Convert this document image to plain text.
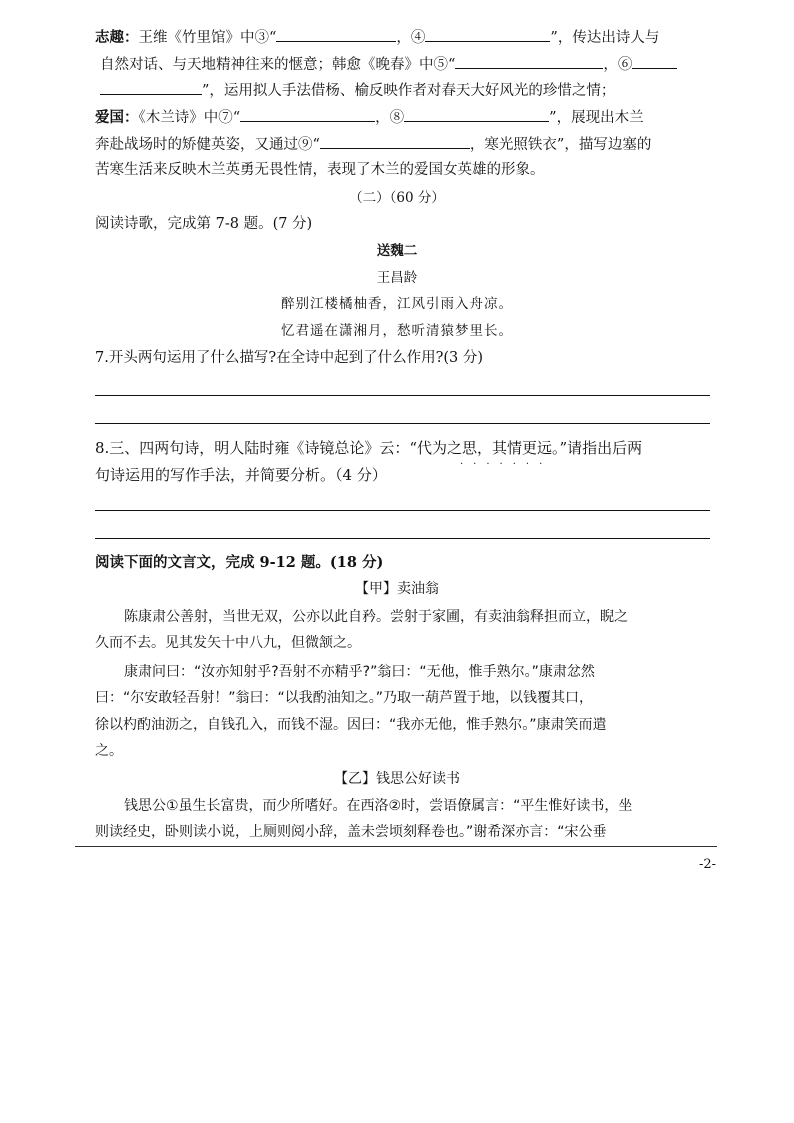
志趣：王维《竹里馆》中③“	，④	”，传达出诗人与
自然对话、与天地精神往来的惬意；韩愈《晚春》中⑤“	，⑥
”，运用拟人手法借杨、榆反映作者对春天大好风光的珍惜之情；
爱国：《木兰诗》中⑦“	，⑧	”，展现出木兰
奔赴战场时的矫健英姿，又通过⑨“	，寒光照铁衣”，描写边塞的
苦寒生活来反映木兰英勇无畏性情，表现了木兰的爱国女英雄的形象。
（二）（60 分）
阅读诗歌，完成第 7-8 题。(7 分)
送魏二
王昌龄
醉别江楼橘柚香，江风引雨入舟凉。
忆君遥在潇湘月，愁听清猿梦里长。
7.开头两句运用了什么描写?在全诗中起到了什么作用?(3 分)
8.三、四两句诗，明人陆时雍《诗镜总论》云：“代为之思，其情更远。”请指出后两
.......
句诗运用的写作手法，并简要分析。（4 分）
阅读下面的文言文，完成 9-12 题。(18 分)
【甲】卖油翁
陈康肃公善射，当世无双，公亦以此自矜。尝射于家圃，有卖油翁释担而立，睨之
久而不去。见其发矢十中八九，但微颔之。
康肃问曰：“汝亦知射乎?吾射不亦精乎?”翁曰：“无他，惟手熟尔。”康肃忿然
曰：“尔安敢轻吾射！”翁曰：“以我酌油知之。”乃取一葫芦置于地，以钱覆其口，
徐以杓酌油沥之，自钱孔入，而钱不湿。因曰：“我亦无他，惟手熟尔。”康肃笑而遣
之。
【乙】钱思公好读书
钱思公①虽生长富贵，而少所嗜好。在西洛②时，尝语僚属言：“平生惟好读书，坐
则读经史，卧则读小说，上厕则阅小辞，盖未尝顷刻释卷也。”谢希深亦言：“宋公垂
-2-
